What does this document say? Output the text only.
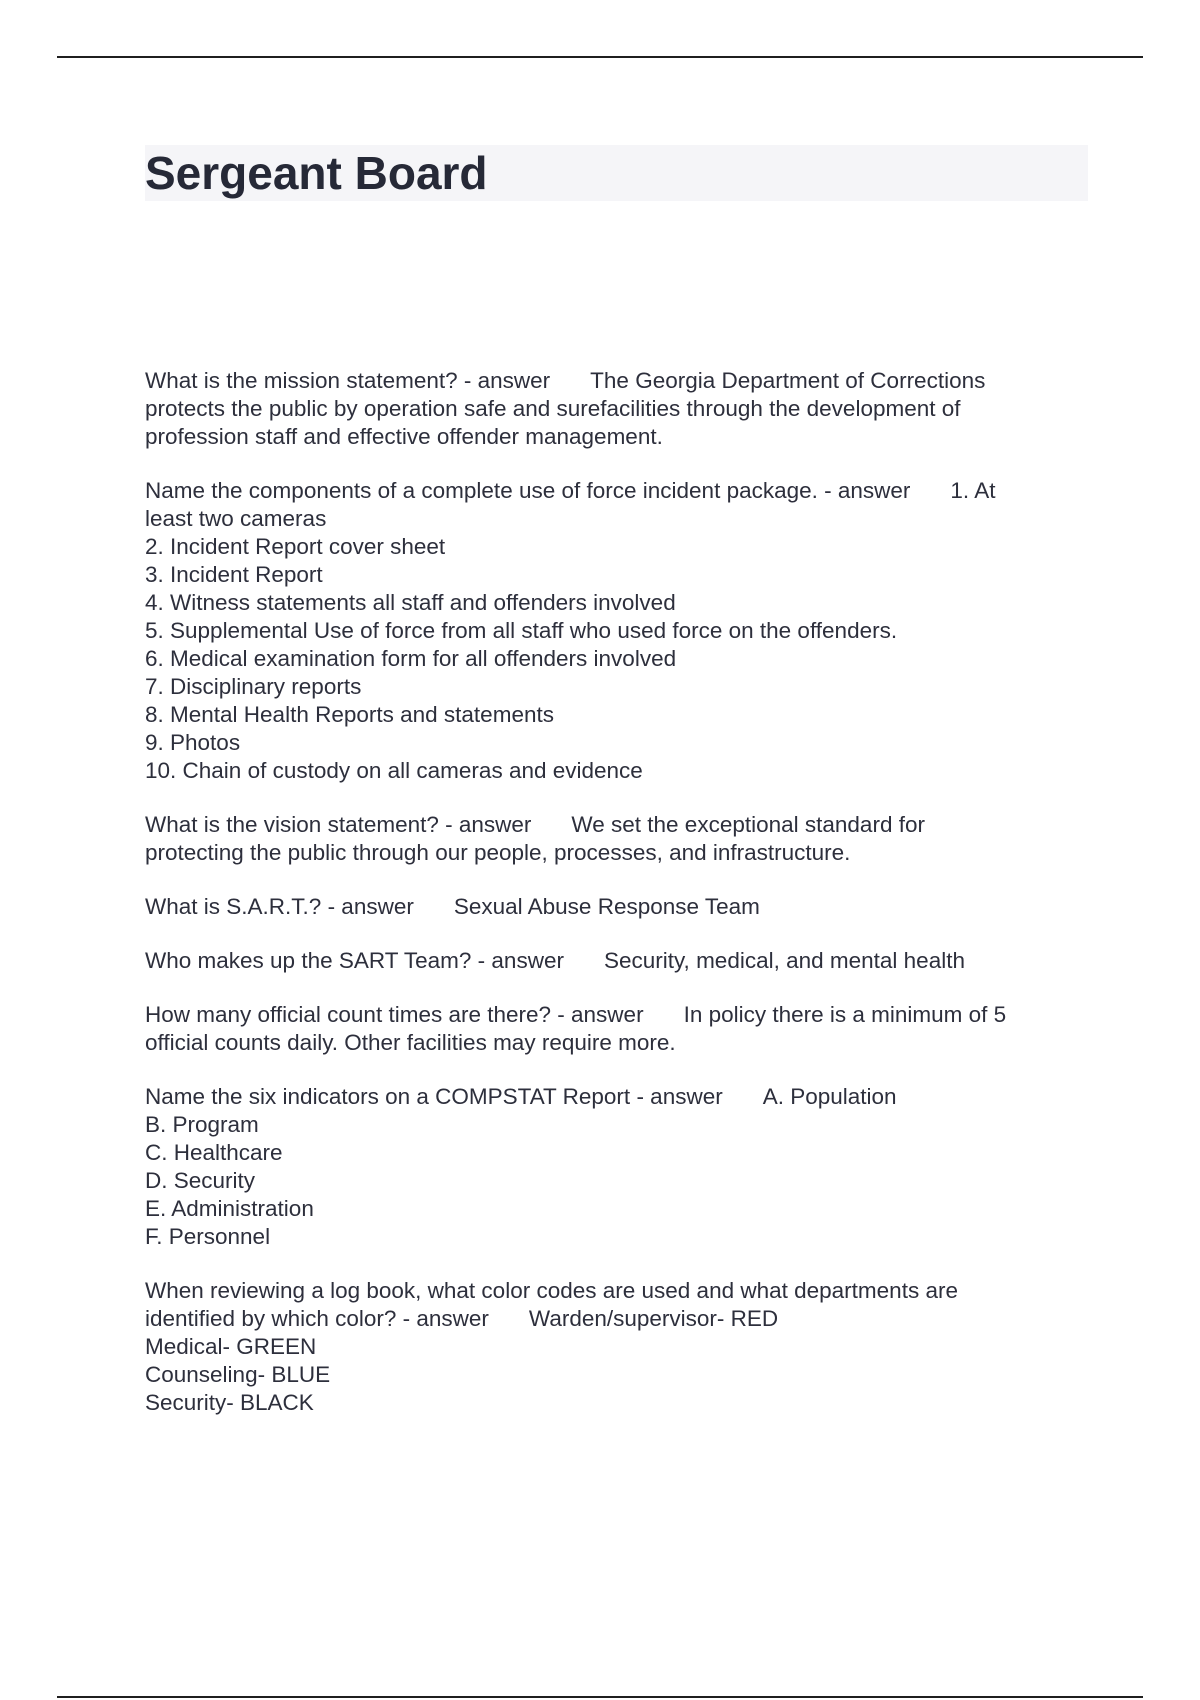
Sergeant Board
What is the mission statement? - answer The Georgia Department of Corrections
protects the public by operation safe and surefacilities through the development of
profession staff and effective offender management.
Name the components of a complete use of force incident package. - answer 1. At
least two cameras
2. Incident Report cover sheet
3. Incident Report
4. Witness statements all staff and offenders involved
5. Supplemental Use of force from all staff who used force on the offenders.
6. Medical examination form for all offenders involved
7. Disciplinary reports
8. Mental Health Reports and statements
9. Photos
10. Chain of custody on all cameras and evidence
What is the vision statement? - answer We set the exceptional standard for
protecting the public through our people, processes, and infrastructure.
What is S.A.R.T.? - answer Sexual Abuse Response Team
Who makes up the SART Team? - answer Security, medical, and mental health
How many official count times are there? - answer In policy there is a minimum of 5
official counts daily. Other facilities may require more.
Name the six indicators on a COMPSTAT Report - answer A. Population
B. Program
C. Healthcare
D. Security
E. Administration
F. Personnel
When reviewing a log book, what color codes are used and what departments are
identified by which color? - answer Warden/supervisor- RED
Medical- GREEN
Counseling- BLUE
Security- BLACK
